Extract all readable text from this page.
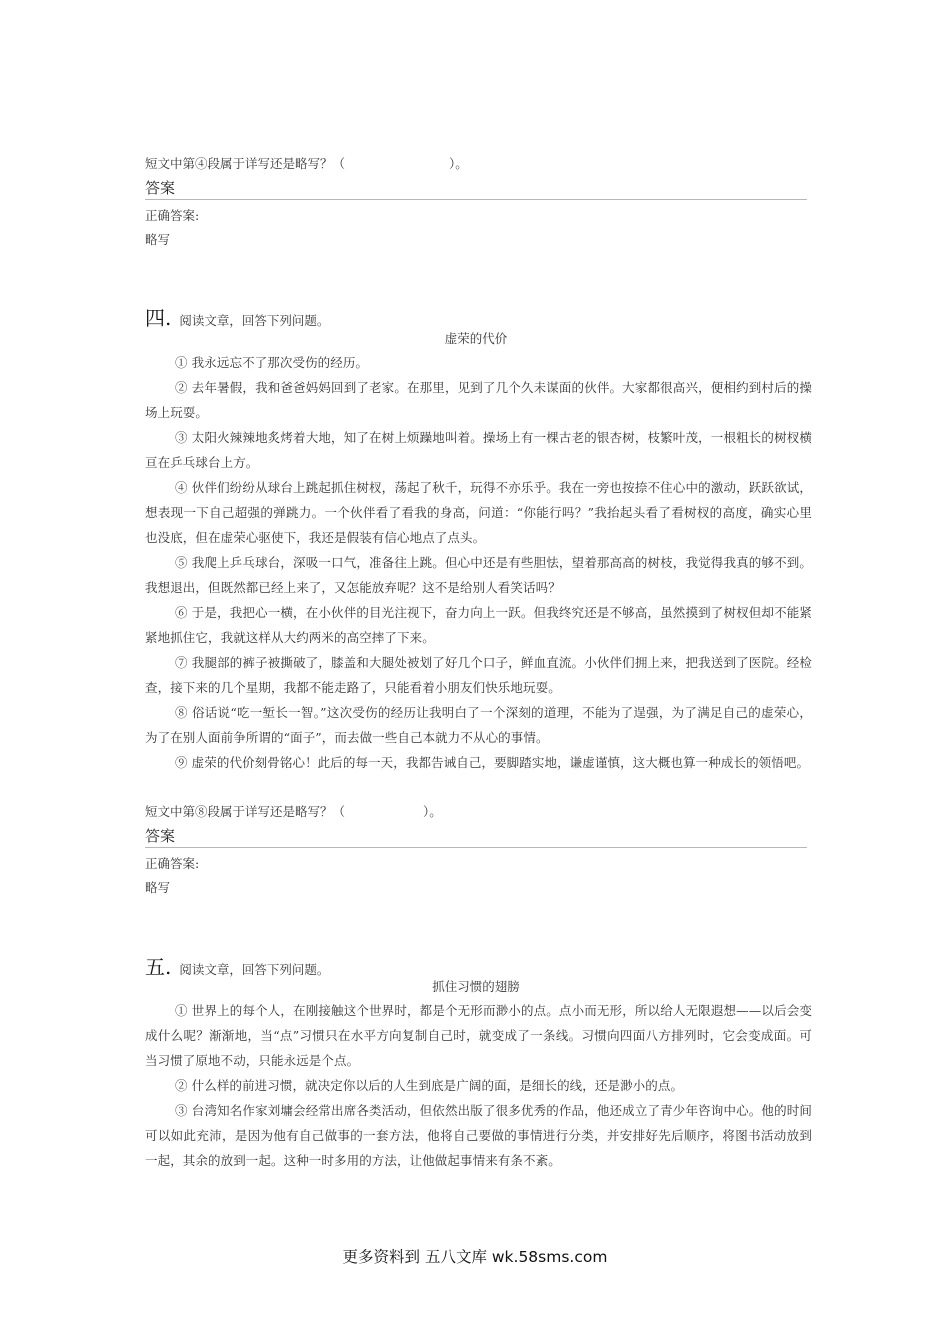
短文中第④段属于详写还是略写？（	）。
答案
正确答案:
略写
四. 阅读文章，回答下列问题。
虚荣的代价
① 我永远忘不了那次受伤的经历。
② 去年暑假，我和爸爸妈妈回到了老家。在那里，见到了几个久未谋面的伙伴。大家都很高兴，便相约到村后的操场上玩耍。
③ 太阳火辣辣地炙烤着大地，知了在树上烦躁地叫着。操场上有一棵古老的银杏树，枝繁叶茂，一根粗长的树杈横亘在乒乓球台上方。
④ 伙伴们纷纷从球台上跳起抓住树杈，荡起了秋千，玩得不亦乐乎。我在一旁也按捺不住心中的激动，跃跃欲试，想表现一下自己超强的弹跳力。一个伙伴看了看我的身高，问道：“你能行吗？”我抬起头看了看树杈的高度，确实心里也没底，但在虚荣心驱使下，我还是假装有信心地点了点头。
⑤ 我爬上乒乓球台，深吸一口气，准备往上跳。但心中还是有些胆怯，望着那高高的树枝，我觉得我真的够不到。我想退出，但既然都已经上来了，又怎能放弃呢？这不是给别人看笑话吗？
⑥ 于是，我把心一横，在小伙伴的目光注视下，奋力向上一跃。但我终究还是不够高，虽然摸到了树杈但却不能紧紧地抓住它，我就这样从大约两米的高空摔了下来。
⑦ 我腿部的裤子被撕破了，膝盖和大腿处被划了好几个口子，鲜血直流。小伙伴们拥上来，把我送到了医院。经检查，接下来的几个星期，我都不能走路了，只能看着小朋友们快乐地玩耍。
⑧ 俗话说“吃一堑长一智。”这次受伤的经历让我明白了一个深刻的道理，不能为了逞强，为了满足自己的虚荣心，为了在别人面前争所谓的“面子”，而去做一些自己本就力不从心的事情。
⑨ 虚荣的代价刻骨铭心！此后的每一天，我都告诫自己，要脚踏实地，谦虚谨慎，这大概也算一种成长的领悟吧。
短文中第⑧段属于详写还是略写？（	）。
答案
正确答案:
略写
五. 阅读文章，回答下列问题。
抓住习惯的翅膀
① 世界上的每个人，在刚接触这个世界时，都是个无形而渺小的点。点小而无形，所以给人无限遐想——以后会变成什么呢？渐渐地，当“点”习惯只在水平方向复制自己时，就变成了一条线。习惯向四面八方排列时，它会变成面。可当习惯了原地不动，只能永远是个点。
② 什么样的前进习惯，就决定你以后的人生到底是广阔的面，是细长的线，还是渺小的点。
③ 台湾知名作家刘墉会经常出席各类活动，但依然出版了很多优秀的作品，他还成立了青少年咨询中心。他的时间可以如此充沛，是因为他有自己做事的一套方法，他将自己要做的事情进行分类，并安排好先后顺序，将图书活动放到一起，其余的放到一起。这种一时多用的方法，让他做起事情来有条不紊。
更多资料到 五八文库 wk.58sms.com
